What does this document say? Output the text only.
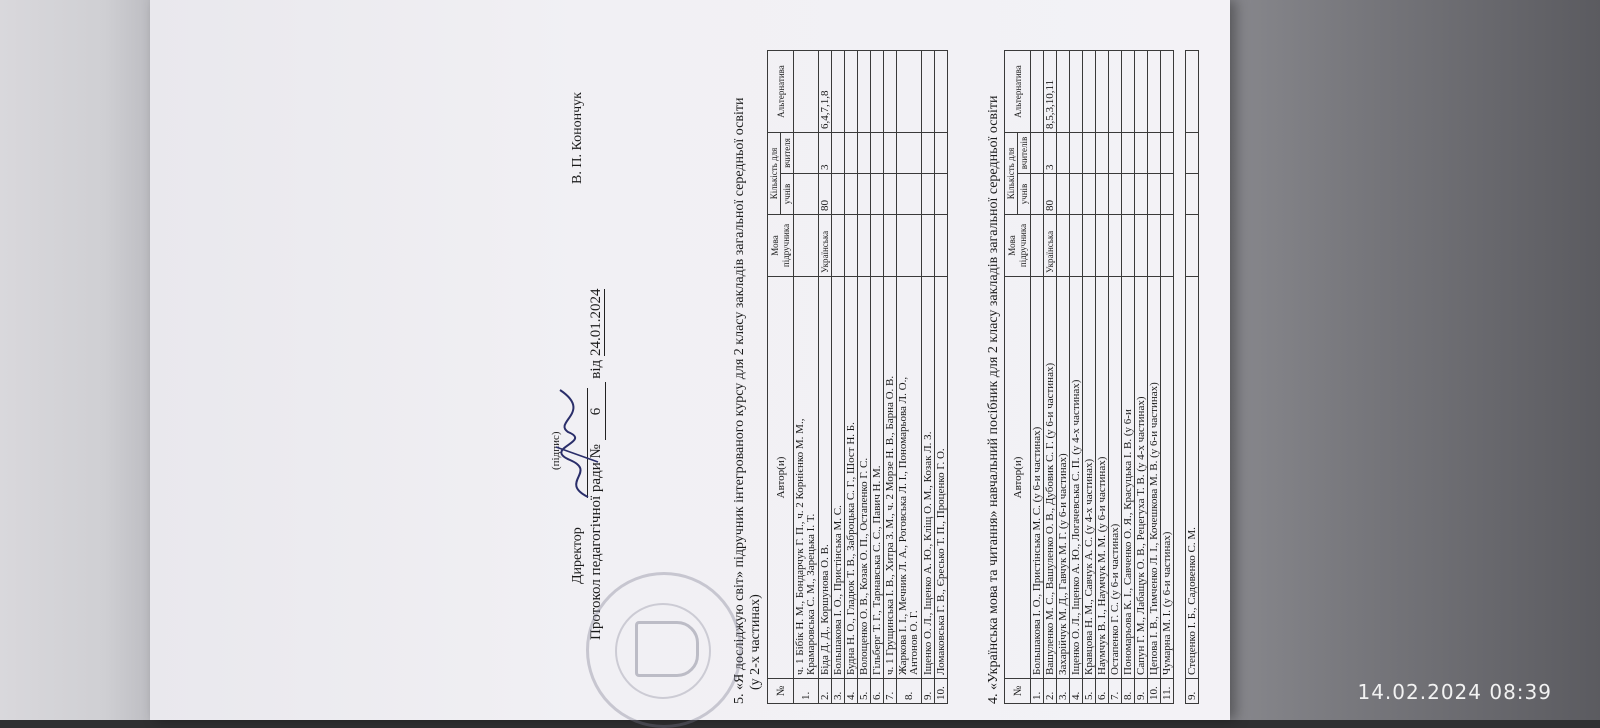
9.	Стеценко І. Б., Садовенко С. М.				
4. «Українська мова та читання» навчальний посібник для 2 класу закладів загальної середньої освіти №	Автор(и)	Мова підручника	Кількість для		Альтернатива
			учнів	вчителів	
1.	Большакова І. О., Пристінська М. С. (у 6-и частинах)				
2.	Вашуленко М. С., Вашуленко О. В., Дубовик С. Г. (у 6-и частинах)	Українська	80	3	8,5,3,10,11
3.	Захарійчук М. Д., Гавчук М. Г. (у 6-и частинах)				
4.	Іщенко О. Л., Іщенко А. Ю., Логачевська С. П. (у 4-х частинах)				
5.	Кравцова Н. М., Савчук А. С. (у 4-х частинах)				
6.	Наумчук В. І., Наумчук М. М. (у 6-и частинах)				
7.	Остапенко Г. С. (у 6-и частинах)				
8.	Пономарьова К. І., Савченко О. Я., Красуцька І. В. (у 6-и				
9.	Сапун Г. М., Лабащук О. В., Рецегуха Т. В. (у 4-х частинах)				
10.	Цепова І. В., Тимченко Л. І., Кочешкова М. В. (у 6-и частинах)				
11.	Чумарна М. І. (у 6-и частинах)				
5. «Я досліджую світ» підручник інтегрованого курсу для 2 класу закладів загальної середньої освіти (у 2-х частинах)
№	Автор(и)	Мова підручника	Кількість для		Альтернатива
			учнів	вчителя	
1.	ч. 1 Бібік Н. М., Бондарчук Г. П., ч. 2 Корнієнко М. М., Крамаровська С. М., Зарецька І. Т.				

2.	Біда Д. Д., Коршунова О. В.	Українська	80	3	6,4,7,1,8
3.	Большакова І. О., Пристінська М. С.				
4.	Будна Н. О., Гладюк Т. В., Заброцька С. Г., Шост Н. Б.				
5.	Волощенко О. В., Козак О. П., Остапенко Г. С.				
6.	Гільберг Т. Г., Тарнавська С. С., Павич Н. М.				
7.	ч. 1 Грущинська І. В., Хитра З. М., ч. 2 Морзе Н. В., Барна О. В.				
8.	Жаркова І. І., Мечник Л. А., Роговська Л. І., Пономарьова Л. О., Антонов О. Г.				

9.	Іщенко О. Л., Іщенко А. Ю., Кліщ О. М., Козак Л. З.				
10.	Ломаковська Г. В., Єресько Т. П., Проценко Г. О.				
Протокол педагогічної ради № 6 від 24.01.2024
Директор
(підпис)
В. П. Конончук
14.02.2024 08:39
